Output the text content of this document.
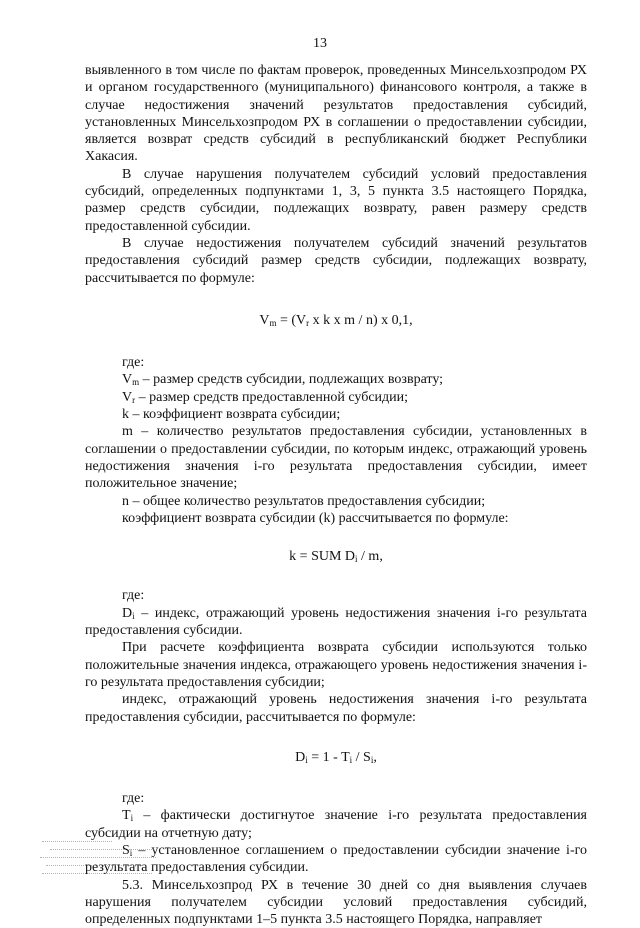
13

выявленного в том числе по фактам проверок, проведенных Минсельхозпродом РХ и органом государственного (муниципального) финансового контроля, а также в случае недостижения значений результатов предоставления субсидий, установленных Минсельхозпродом РХ в соглашении о предоставлении субсидии, является возврат средств субсидий в республиканский бюджет Республики Хакасия.

В случае нарушения получателем субсидий условий предоставления субсидий, определенных подпунктами 1, 3, 5 пункта 3.5 настоящего Порядка, размер средств субсидии, подлежащих возврату, равен размеру средств предоставленной субсидии.

В случае недостижения получателем субсидий значений результатов предоставления субсидий размер средств субсидии, подлежащих возврату, рассчитывается по формуле:

$V_m = (V_r$ x k x m / n) x 0,1,

где:

$V_m$ – размер средств субсидии, подлежащих возврату;

$V_r$ – размер средств предоставленной субсидии;

k – коэффициент возврата субсидии;

m – количество результатов предоставления субсидии, установленных в соглашении о предоставлении субсидии, по которым индекс, отражающий уровень недостижения значения i-го результата предоставления субсидии, имеет положительное значение;

n – общее количество результатов предоставления субсидии;

коэффициент возврата субсидии (k) рассчитывается по формуле:

k = SUM $D_i$ / m,

где:

$D_i$ – индекс, отражающий уровень недостижения значения i-го результата предоставления субсидии.

При расчете коэффициента возврата субсидии используются только положительные значения индекса, отражающего уровень недостижения значения i-го результата предоставления субсидии;

индекс, отражающий уровень недостижения значения i-го результата предоставления субсидии, рассчитывается по формуле:

$D_i = 1 - T_i / S_i$,

где:

$T_i$ – фактически достигнутое значение i-го результата предоставления субсидии на отчетную дату;

$S_i$ – установленное соглашением о предоставлении субсидии значение i-го результата предоставления субсидии.

5.3. Минсельхозпрод РХ в течение 30 дней со дня выявления случаев нарушения получателем субсидии условий предоставления субсидий, определенных подпунктами 1–5 пункта 3.5 настоящего Порядка, направляет
